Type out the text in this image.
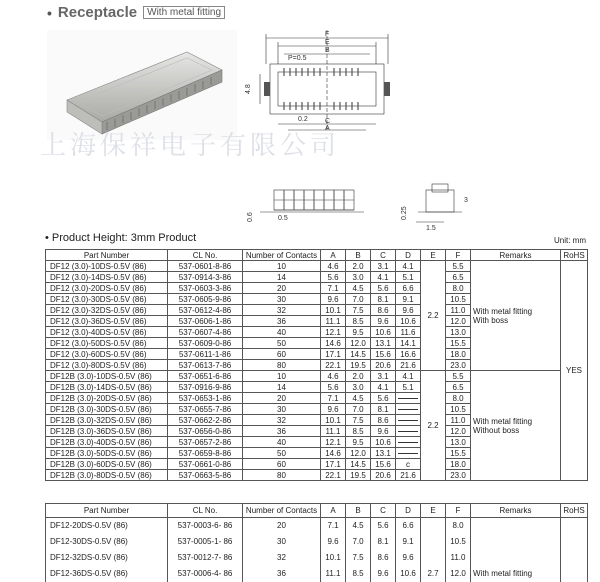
• Receptacle	With metal fitting
上海保祥电子有限公司
F
E
B
P=0.5
0.2 C
A
4.8
0.5
0.6	0.25
1.5
3
• Product Height: 3mm Product	Unit: mm
Part Number	CL No.	Number of Contacts	A	B	C	D	E	F	Remarks	RoHS
DF12 (3.0)-10DS-0.5V (86)	537-0601-8-86	10	4.6	2.0	3.1	4.1	2.2	5.5	With metal fitting
With boss	YES
DF12 (3.0)-14DS-0.5V (86)	537-0914-3-86	14	5.6	3.0	4.1	5.1		6.5		
DF12 (3.0)-20DS-0.5V (86)	537-0603-3-86	20	7.1	4.5	5.6	6.6		8.0		
DF12 (3.0)-30DS-0.5V (86)	537-0605-9-86	30	9.6	7.0	8.1	9.1		10.5		
DF12 (3.0)-32DS-0.5V (86)	537-0612-4-86	32	10.1	7.5	8.6	9.6		11.0		
DF12 (3.0)-36DS-0.5V (86)	537-0606-1-86	36	11.1	8.5	9.6	10.6		12.0		
DF12 (3.0)-40DS-0.5V (86)	537-0607-4-86	40	12.1	9.5	10.6	11.6		13.0		
DF12 (3.0)-50DS-0.5V (86)	537-0609-0-86	50	14.6	12.0	13.1	14.1		15.5		
DF12 (3.0)-60DS-0.5V (86)	537-0611-1-86	60	17.1	14.5	15.6	16.6		18.0		
DF12 (3.0)-80DS-0.5V (86)	537-0613-7-86	80	22.1	19.5	20.6	21.6		23.0		
DF12B (3.0)-10DS-0.5V (86)	537-0651-6-86	10	4.6	2.0	3.1	4.1	2.2	5.5	With metal fitting
Without boss	

DF12B (3.0)-14DS-0.5V (86)	537-0916-9-86	14	5.6	3.0	4.1	5.1		6.5		
DF12B (3.0)-20DS-0.5V (86)	537-0653-1-86	20	7.1	4.5	5.6			8.0		
DF12B (3.0)-30DS-0.5V (86)	537-0655-7-86	30	9.6	7.0	8.1			10.5		
DF12B (3.0)-32DS-0.5V (86)	537-0662-2-86	32	10.1	7.5	8.6			11.0		
DF12B (3.0)-36DS-0.5V (86)	537-0656-0-86	36	11.1	8.5	9.6			12.0		
DF12B (3.0)-40DS-0.5V (86)	537-0657-2-86	40	12.1	9.5	10.6			13.0		
DF12B (3.0)-50DS-0.5V (86)	537-0659-8-86	50	14.6	12.0	13.1			15.5		
DF12B (3.0)-60DS-0.5V (86)	537-0661-0-86	60	17.1	14.5	15.6	c		18.0		
DF12B (3.0)-80DS-0.5V (86)	537-0663-5-86	80	22.1	19.5	20.6	21.6		23.0		
Part Number	CL No.	Number of Contacts	A	B	C	D	E	F	Remarks	RoHS
DF12-20DS-0.5V (86)	537-0003-6- 86	20	7.1	4.5	5.6	6.6		8.0		
DF12-30DS-0.5V (86)	537-0005-1- 86	30	9.6	7.0	8.1	9.1		10.5		
DF12-32DS-0.5V (86)	537-0012-7- 86	32	10.1	7.5	8.6	9.6		11.0		
DF12-36DS-0.5V (86)	537-0006-4- 86	36	11.1	8.5	9.6	10.6	2.7	12.0	With metal fitting	
